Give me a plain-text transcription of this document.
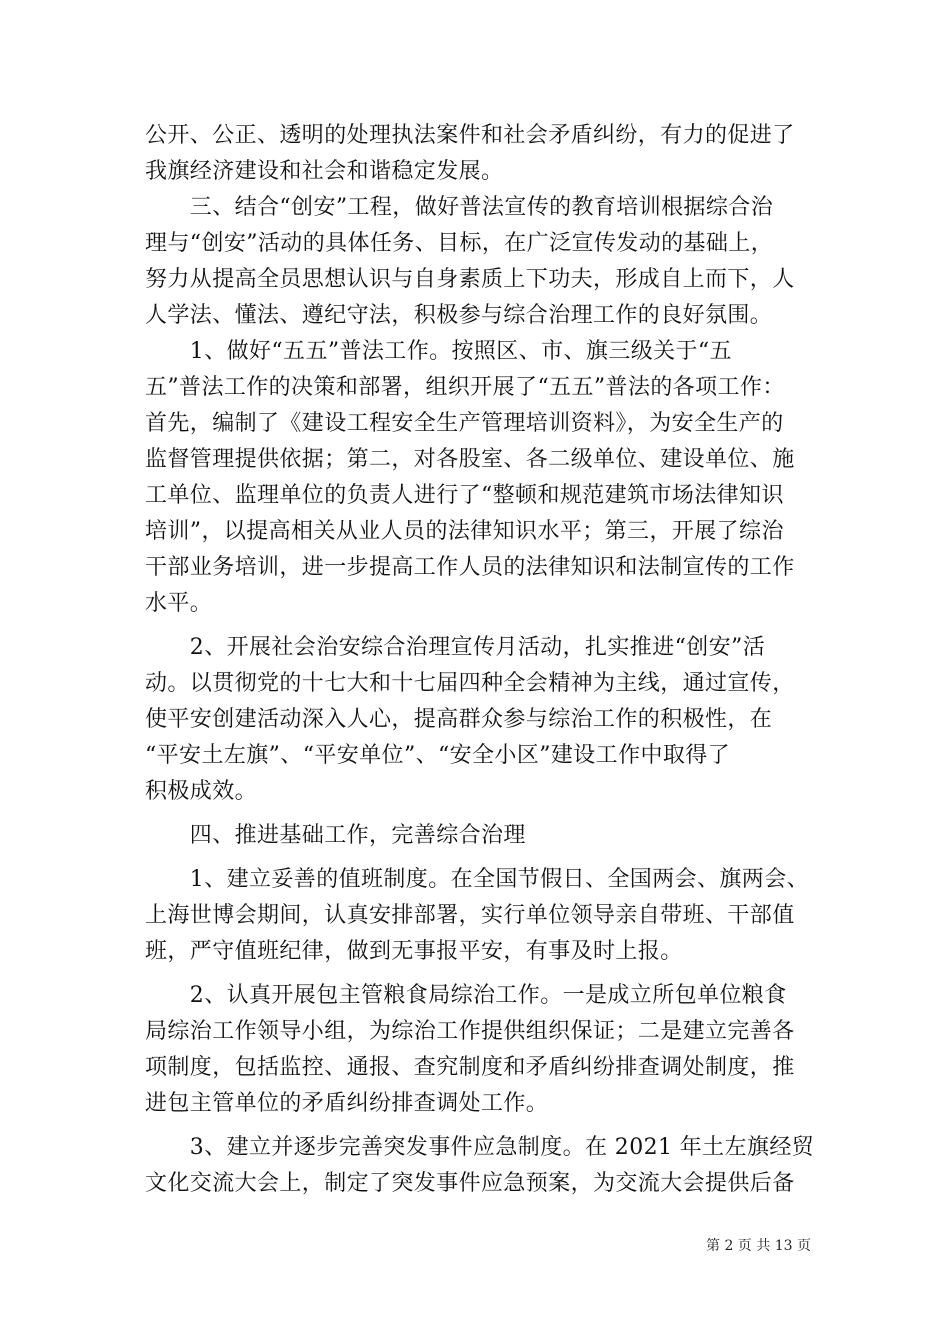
公开、公正、透明的处理执法案件和社会矛盾纠纷，有力的促进了
我旗经济建设和社会和谐稳定发展。
　　三、结合“创安”工程，做好普法宣传的教育培训根据综合治
理与“创安”活动的具体任务、目标，在广泛宣传发动的基础上，
努力从提高全员思想认识与自身素质上下功夫，形成自上而下，人
人学法、懂法、遵纪守法，积极参与综合治理工作的良好氛围。
　　1、做好“五五”普法工作。按照区、市、旗三级关于“五
五”普法工作的决策和部署，组织开展了“五五”普法的各项工作：
首先，编制了《建设工程安全生产管理培训资料》，为安全生产的
监督管理提供依据；第二，对各股室、各二级单位、建设单位、施
工单位、监理单位的负责人进行了“整顿和规范建筑市场法律知识
培训”，以提高相关从业人员的法律知识水平；第三，开展了综治
干部业务培训，进一步提高工作人员的法律知识和法制宣传的工作
水平。
　　2、开展社会治安综合治理宣传月活动，扎实推进“创安”活
动。以贯彻党的十七大和十七届四种全会精神为主线，通过宣传，
使平安创建活动深入人心，提高群众参与综治工作的积极性，在
“平安土左旗”、“平安单位”、“安全小区”建设工作中取得了
积极成效。
　　四、推进基础工作，完善综合治理
　　1、建立妥善的值班制度。在全国节假日、全国两会、旗两会、
上海世博会期间，认真安排部署，实行单位领导亲自带班、干部值
班，严守值班纪律，做到无事报平安，有事及时上报。
　　2、认真开展包主管粮食局综治工作。一是成立所包单位粮食
局综治工作领导小组，为综治工作提供组织保证；二是建立完善各
项制度，包括监控、通报、查究制度和矛盾纠纷排查调处制度，推
进包主管单位的矛盾纠纷排查调处工作。
　　3、建立并逐步完善突发事件应急制度。在 2021 年土左旗经贸
文化交流大会上，制定了突发事件应急预案，为交流大会提供后备
第 2 页 共 13 页
